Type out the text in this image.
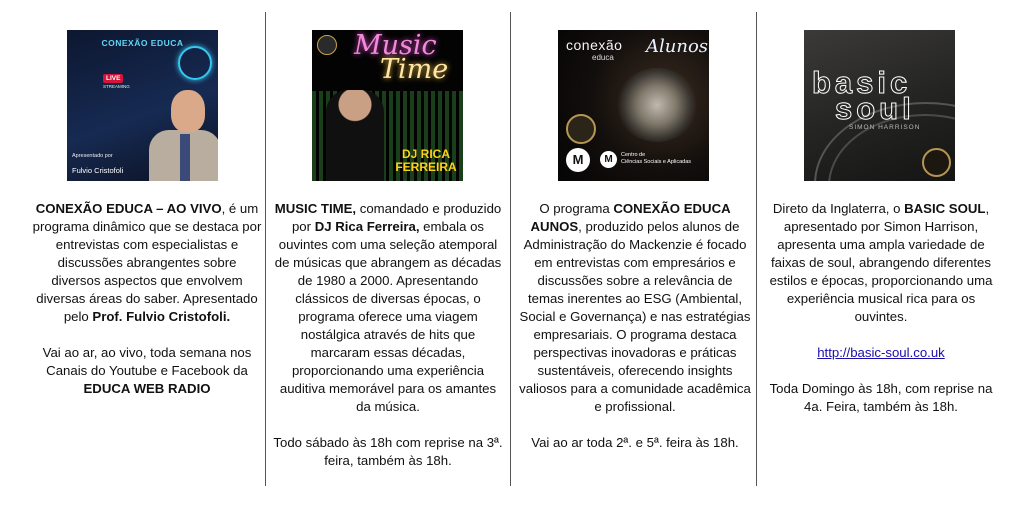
CONEXÃO EDUCA
LIVE
STREAMING
Apresentado por
Fulvio Cristofoli

CONEXÃO EDUCA – AO VIVO, é um programa dinâmico que se destaca por entrevistas com especialistas e discussões abrangentes sobre diversos aspectos que envolvem diversas áreas do saber. Apresentado pelo Prof. Fulvio Cristofoli.

Vai ao ar, ao vivo, toda semana nos Canais do Youtube e Facebook da
EDUCA WEB RADIO

Music
Time
DJ RICA FERREIRA

MUSIC TIME, comandado e produzido por DJ Rica Ferreira, embala os ouvintes com uma seleção atemporal de músicas que abrangem as décadas de 1980 a 2000. Apresentando clássicos de diversas épocas, o programa oferece uma viagem nostálgica através de hits que marcaram essas décadas, proporcionando uma experiência auditiva memorável para os amantes da música.

Todo sábado às 18h com reprise na 3ª. feira, também às 18h.

conexão
educa
Alunos
M	M	Centro de
Ciências Sociais e Aplicadas

O programa CONEXÃO EDUCA AUNOS, produzido pelos alunos de Administração do Mackenzie é focado em entrevistas com empresários e discussões sobre a relevância de temas inerentes ao ESG (Ambiental, Social e Governança) e nas estratégias empresariais. O programa destaca perspectivas inovadoras e práticas sustentáveis, oferecendo insights valiosos para a comunidade acadêmica e profissional.

Vai ao ar toda 2ª. e 5ª. feira às 18h.

basic
soul
SIMON HARRISON

Direto da Inglaterra, o BASIC SOUL, apresentado por Simon Harrison, apresenta uma ampla variedade de faixas de soul, abrangendo diferentes estilos e épocas, proporcionando uma experiência musical rica para os ouvintes.

http://basic-soul.co.uk

Toda Domingo às 18h, com reprise na 4a. Feira, também às 18h.
